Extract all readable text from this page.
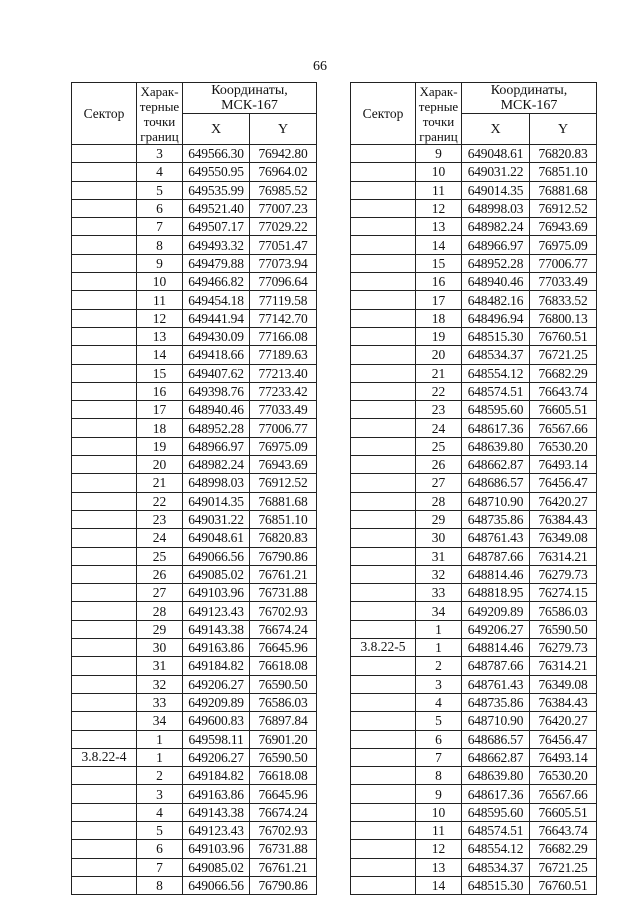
66
Сектор	Харак-
терные
точки
границ	Координаты,
МСК-167	
		X	Y
	3	649566.30	76942.80
	4	649550.95	76964.02
	5	649535.99	76985.52
	6	649521.40	77007.23
	7	649507.17	77029.22
	8	649493.32	77051.47
	9	649479.88	77073.94
	10	649466.82	77096.64
	11	649454.18	77119.58
	12	649441.94	77142.70
	13	649430.09	77166.08
	14	649418.66	77189.63
	15	649407.62	77213.40
	16	649398.76	77233.42
	17	648940.46	77033.49
	18	648952.28	77006.77
	19	648966.97	76975.09
	20	648982.24	76943.69
	21	648998.03	76912.52
	22	649014.35	76881.68
	23	649031.22	76851.10
	24	649048.61	76820.83
	25	649066.56	76790.86
	26	649085.02	76761.21
	27	649103.96	76731.88
	28	649123.43	76702.93
	29	649143.38	76674.24
	30	649163.86	76645.96
	31	649184.82	76618.08
	32	649206.27	76590.50
	33	649209.89	76586.03
	34	649600.83	76897.84
	1	649598.11	76901.20
3.8.22-4	1	649206.27	76590.50
	2	649184.82	76618.08
	3	649163.86	76645.96
	4	649143.38	76674.24
	5	649123.43	76702.93
	6	649103.96	76731.88
	7	649085.02	76761.21
	8	649066.56	76790.86
Сектор	Харак-
терные
точки
границ	Координаты,
МСК-167	
		X	Y
	9	649048.61	76820.83
	10	649031.22	76851.10
	11	649014.35	76881.68
	12	648998.03	76912.52
	13	648982.24	76943.69
	14	648966.97	76975.09
	15	648952.28	77006.77
	16	648940.46	77033.49
	17	648482.16	76833.52
	18	648496.94	76800.13
	19	648515.30	76760.51
	20	648534.37	76721.25
	21	648554.12	76682.29
	22	648574.51	76643.74
	23	648595.60	76605.51
	24	648617.36	76567.66
	25	648639.80	76530.20
	26	648662.87	76493.14
	27	648686.57	76456.47
	28	648710.90	76420.27
	29	648735.86	76384.43
	30	648761.43	76349.08
	31	648787.66	76314.21
	32	648814.46	76279.73
	33	648818.95	76274.15
	34	649209.89	76586.03
	1	649206.27	76590.50
3.8.22-5	1	648814.46	76279.73
	2	648787.66	76314.21
	3	648761.43	76349.08
	4	648735.86	76384.43
	5	648710.90	76420.27
	6	648686.57	76456.47
	7	648662.87	76493.14
	8	648639.80	76530.20
	9	648617.36	76567.66
	10	648595.60	76605.51
	11	648574.51	76643.74
	12	648554.12	76682.29
	13	648534.37	76721.25
	14	648515.30	76760.51
